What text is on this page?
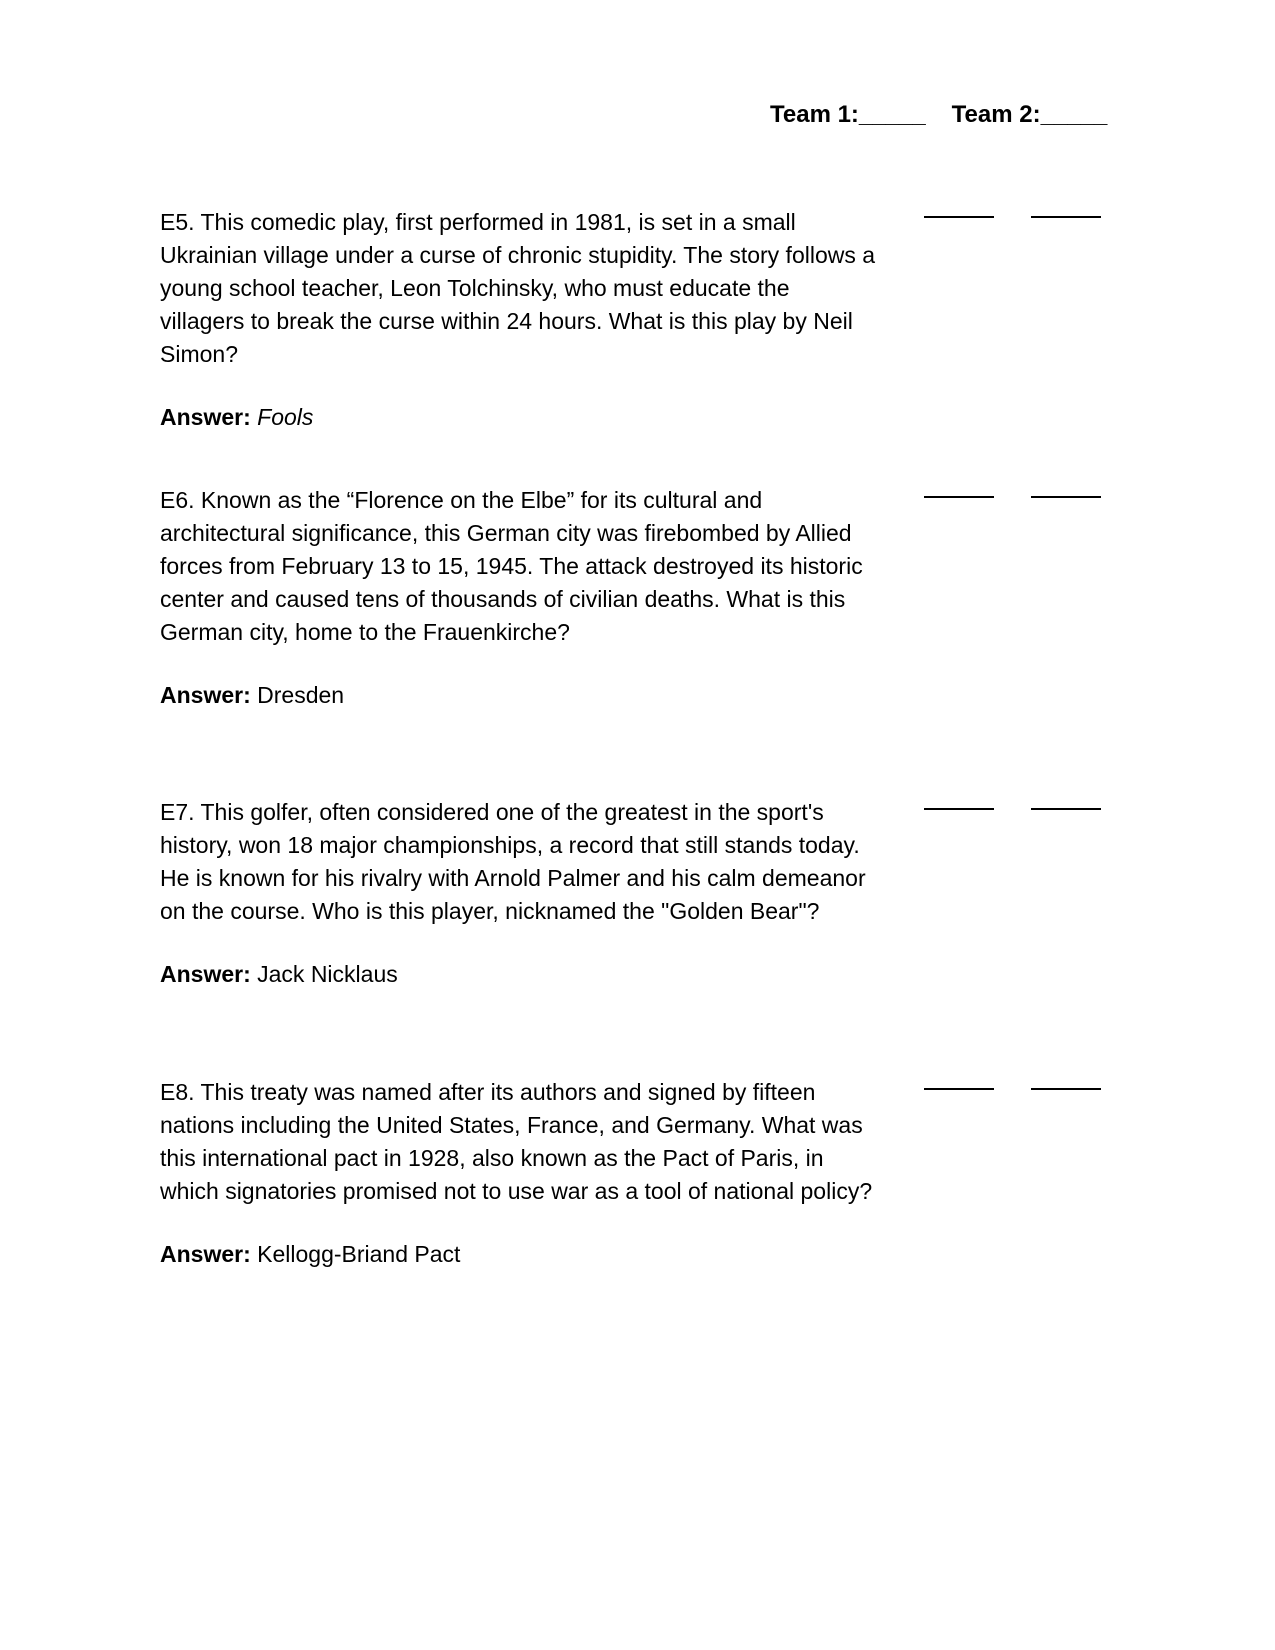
Team 1:_____ Team 2:_____

E5. This comedic play, first performed in 1981, is set in a small Ukrainian village under a curse of chronic stupidity. The story follows a young school teacher, Leon Tolchinsky, who must educate the villagers to break the curse within 24 hours. What is this play by Neil Simon?

Answer: Fools

E6. Known as the “Florence on the Elbe” for its cultural and architectural significance, this German city was firebombed by Allied forces from February 13 to 15, 1945. The attack destroyed its historic center and caused tens of thousands of civilian deaths. What is this German city, home to the Frauenkirche?

Answer: Dresden

E7. This golfer, often considered one of the greatest in the sport's history, won 18 major championships, a record that still stands today. He is known for his rivalry with Arnold Palmer and his calm demeanor on the course. Who is this player, nicknamed the "Golden Bear"?

Answer: Jack Nicklaus

E8. This treaty was named after its authors and signed by fifteen nations including the United States, France, and Germany. What was this international pact in 1928, also known as the Pact of Paris, in which signatories promised not to use war as a tool of national policy?

Answer: Kellogg-Briand Pact
